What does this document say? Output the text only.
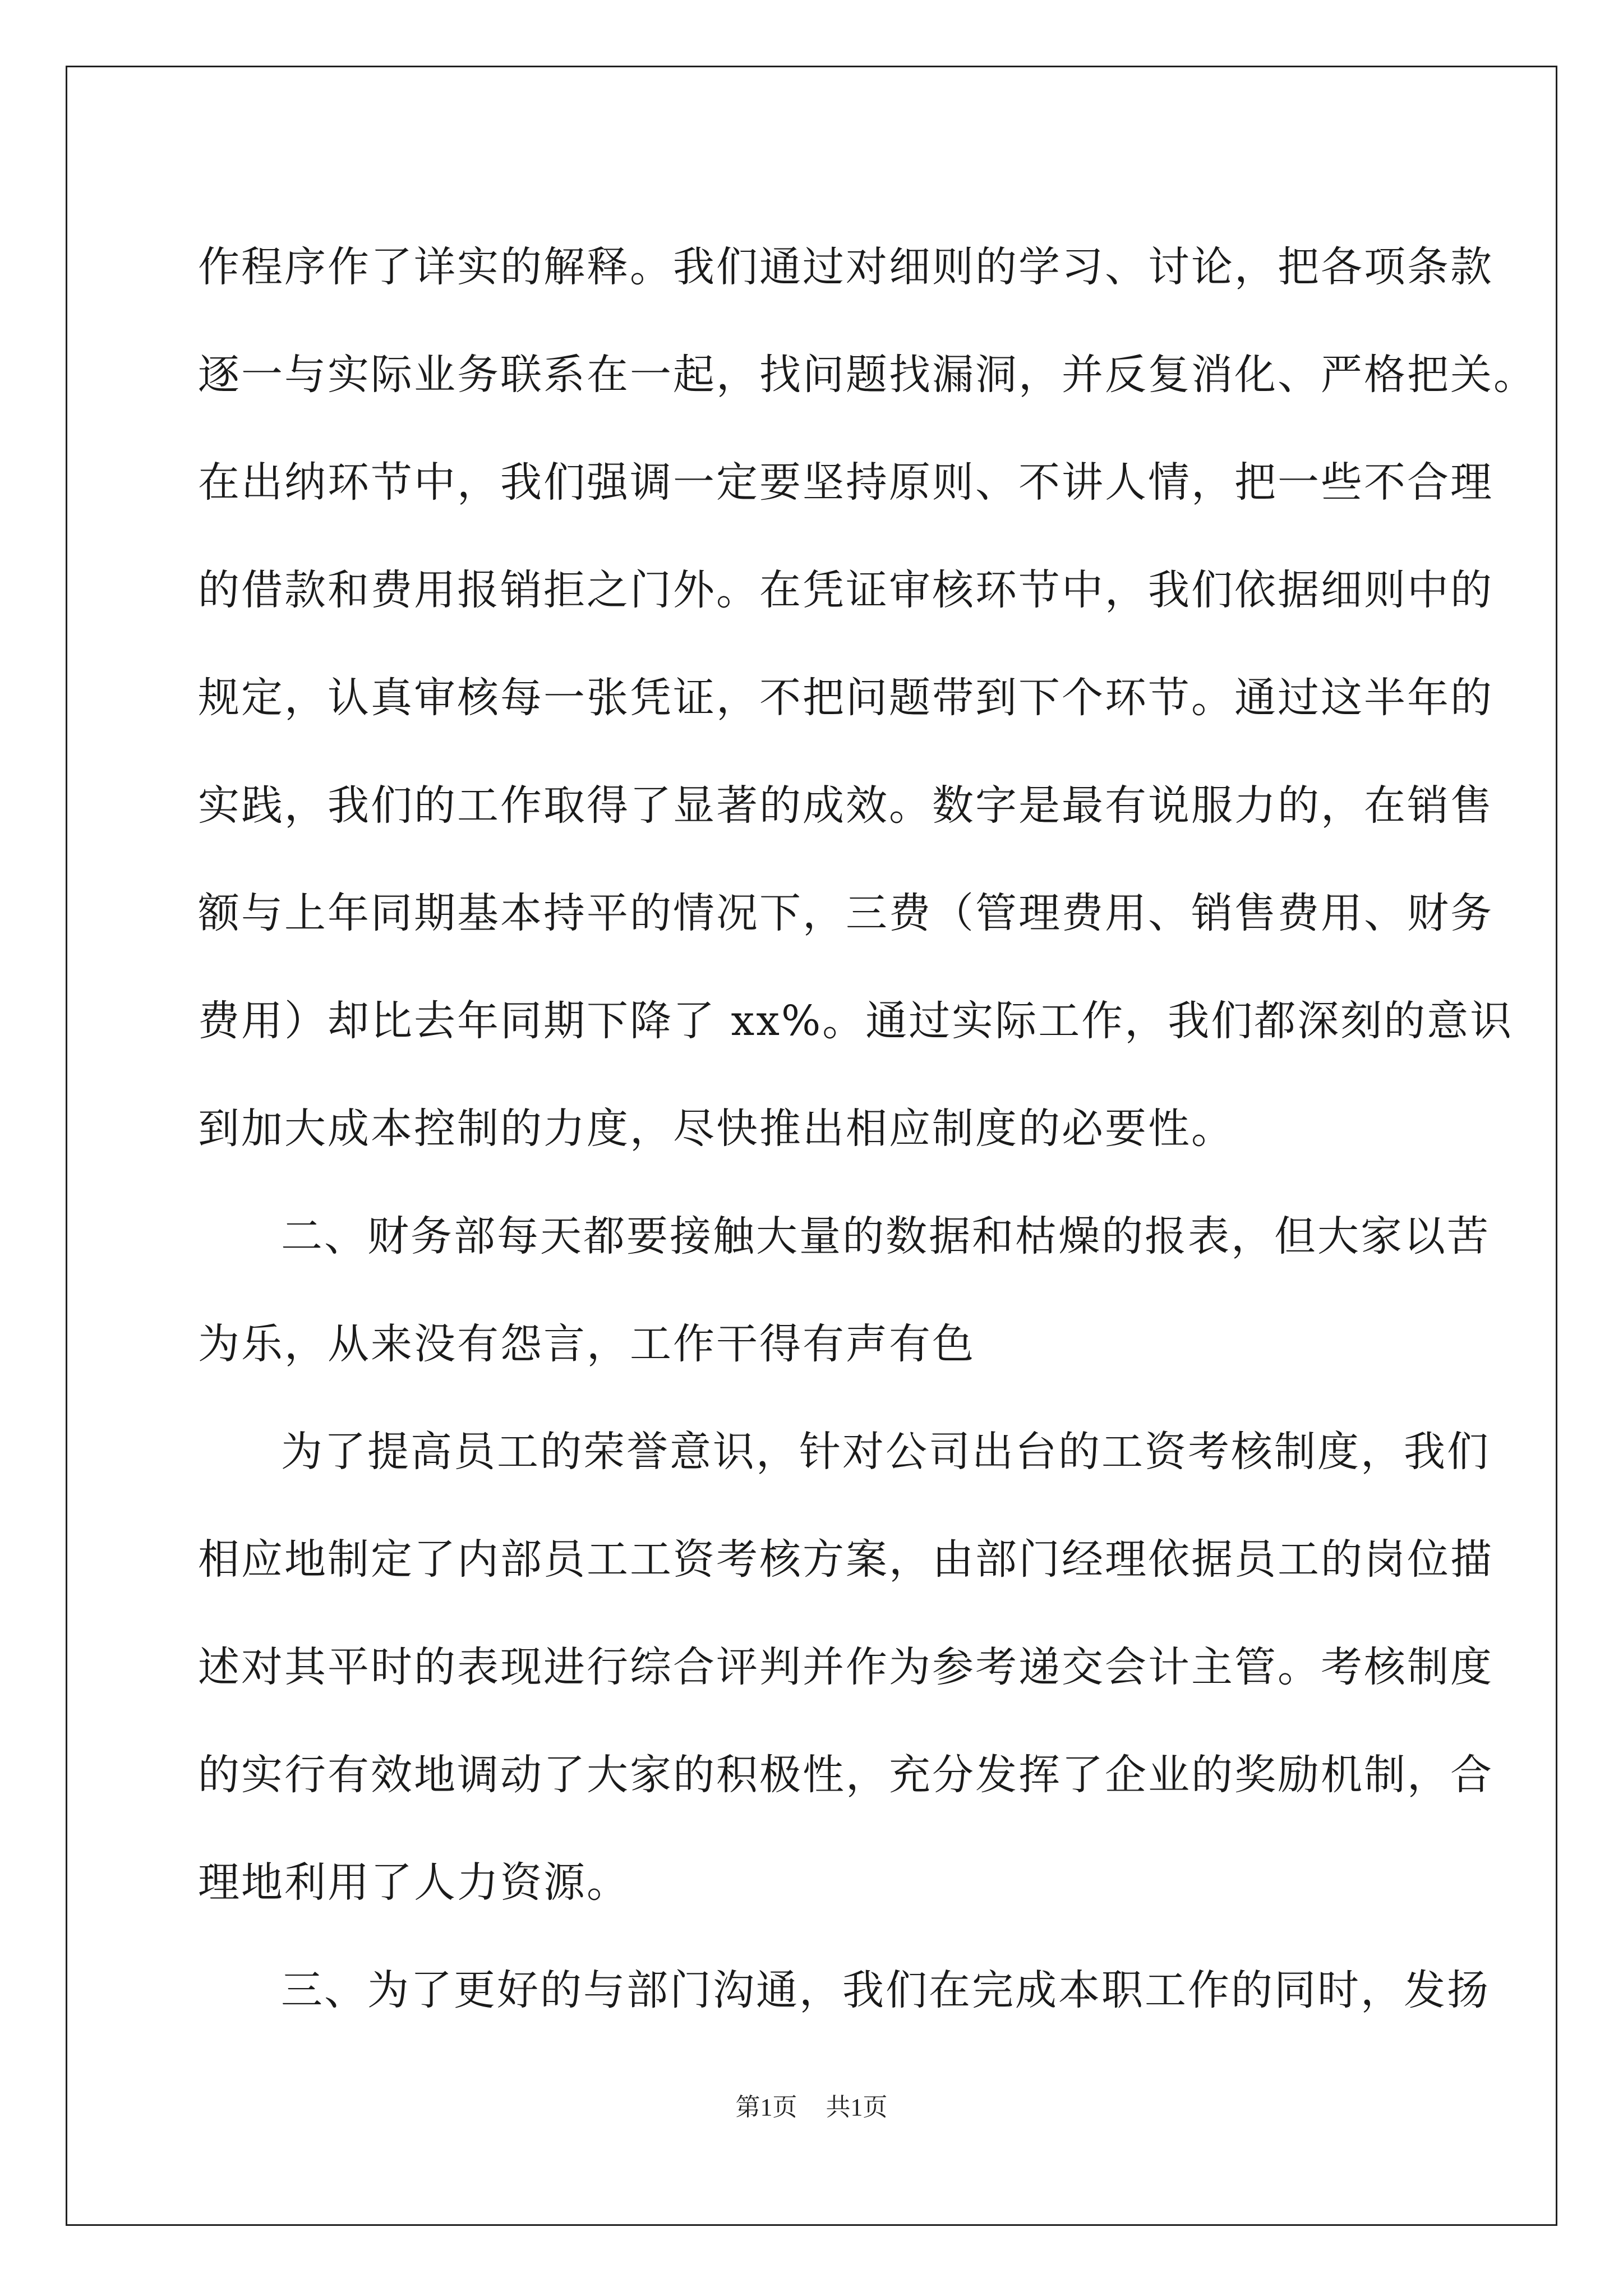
作程序作了详实的解释。我们通过对细则的学习、讨论，把各项条款
逐一与实际业务联系在一起，找问题找漏洞，并反复消化、严格把关。
在出纳环节中，我们强调一定要坚持原则、不讲人情，把一些不合理
的借款和费用报销拒之门外。在凭证审核环节中，我们依据细则中的
规定，认真审核每一张凭证，不把问题带到下个环节。通过这半年的
实践，我们的工作取得了显著的成效。数字是最有说服力的，在销售
额与上年同期基本持平的情况下，三费（管理费用、销售费用、财务
费用）却比去年同期下降了 xx%。通过实际工作，我们都深刻的意识
到加大成本控制的力度，尽快推出相应制度的必要性。
二、财务部每天都要接触大量的数据和枯燥的报表，但大家以苦
为乐，从来没有怨言，工作干得有声有色
为了提高员工的荣誉意识，针对公司出台的工资考核制度，我们
相应地制定了内部员工工资考核方案，由部门经理依据员工的岗位描
述对其平时的表现进行综合评判并作为参考递交会计主管。考核制度
的实行有效地调动了大家的积极性，充分发挥了企业的奖励机制，合
理地利用了人力资源。
三、为了更好的与部门沟通，我们在完成本职工作的同时，发扬
第1页 共1页
